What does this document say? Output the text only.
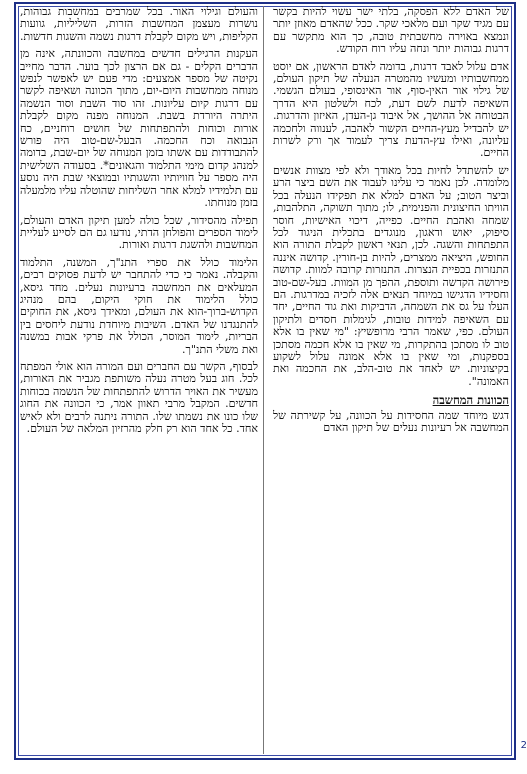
של האדם ללא הפסקה, בלתי ישר עשוי להיות בקשר עם מגיד שקר ועם מלאכי שקר. ככל שהאדם מאוזן יותר ונמצא באוירה מחשבתית טובה, כך הוא מתקשר עם דרגות גבוהות יותר ונחה עליו רוח הקודש.

אדם עלול לאבד דרגות, בדומה לאדם הראשון, אם יוסט ממחשבותיו ומעשיו מהמטרה הנעלה של תיקון העולם, של גילוי אור האין-סוף, אור האינסופי, בעולם הגשמי. השאיפה לדעת לשם דעת, לכח ולשלטון היא הדרך הבטוחה אל ההושך, אל איבוד גן-העדן, האיזון והדרגות. יש להבדיל מעץ-החיים הקשור לאהבה, לענווה ולחכמה עליונה, ואילו עץ-הדעת צריך לעמוד אך ורק לשרות החיים.

יש להשתדל לחיות בכל מאודך ולא לפי מצוות אנשים מלומדה. לכן נאמר כי עלינו לעבוד את השם ביצר הרע וביצר הטוב; על האדם למלא את תפקידו הנעלה בכל הוויתו החיצונית והפנימית, לו; מתוך תשוקה, התלהבות, שמחה ואהבת החיים. כפייה, דיכוי האישיות, חוסר סיפוק, יאוש ודאגון, מנוגדים בתכלית הניגוד לכל התפתחות והשגה. לכן, תנאי ראשון לקבלת התורה הוא החופש, היציאה ממצרים, להיות בן-חורין. קדושה איננה התנזרות בכפיית הנצרות. התנזרות קרובה למוות. קדושה פירושה הקדשה ותוספת, ההפך מן המוות. בעל-שם-טוב וחסידיו הדגישו במיוחד תנאים אלה לזכיה במדרגות. הם העלו על גס את השמחה, הדביקות ואת גוד החיים, יחד עם השאיפה למידות טובות, לגימלות חסדים ולתיקון העולם. כפי, שאמר הרבי מרופשיץ: "מי שאין בו אלא טוב לו מסתכן בהתקרות, מי שאין בו אלא חכמה מסתכן בספקנות, ומי שאין בו אלא אמונה עלול לשקוע בקיצוניות. יש לאחד את טוב-הלב, את החכמה ואת האמונה".

הכוונות המחשבה

דגש מיוחד שמה החסידות על הכוונה, על קשירתה של המחשבה אל רעיונות נעלים של תיקון האדם

והעולם וגילוי האור. בכל שמרבים במחשבות גבוהות, נושרות מעצמן המחשבות הזרות, השליליות, גוועות הקליפות, ויש מקום לקבלת דרגות נשמה והשגות חדשות.

העקנות הרגילים חדשים במחשבה והכוונתה, אינה מן הדברים הקלים - גם אם הרצון לכך בוער. הדבר מחייב נקיטה של מספר אמצעים: מדי פעם יש לאפשר לנפש מנוחה ממחשבות היום-יום, מתוך הכוונה ושאיפה לקשר עם דרגות קיום עליונות. זהו סוד השבת וסוד הנשמה היתרה היורדת בשבת. המנוחה מפנה מקום לקבלת אורות וכוחות ולהתפתחות של חושים רוחניים, כח הנבואה וכח החכמה. הבעל-שם-טוב היה פורש להתבודדות עם אשתו בזמן המנוחה של יום-שבת, בדומה למנהג קדום מימי התלמוד והגאונים*. בסעודה השלישית היה מספר על חוויותיו והשגותיו ובמוצאי שבת היה נוסע עם תלמידיו למלא אחר השליחות שהוטלה עליו מלמעלה בזמן מנוחתו.

תפילה מהסידור, שכל כולה למען תיקון האדם והעולם, לימוד הספרים והפולחן הדתי, נודעו גם הם לסייע לעליית המחשבות ולהשגת דרגות ואורות.

הלימוד כולל את ספרי התנ"ך, המשנה, התלמוד והקבלה. נאמר כי כדי להתחבר יש לדעת פסוקים רבים, המעלאים את המחשבה ברעיונות נעלים. מחד גיסא, כולל הלימוד את חוקי היקום, בהם מנהיג הקדוש-ברוך-הוא את העולם, ומאידך גיסא, את החוקים להתנגדנו של האדם. השיבות מיוחדת נודעת ליחסים בין הבריות, לימוד המוסר, הכולל את פרקי אבות במשנה ואת משלי התנ"ך.

לבסוף, הקשר עם החברים ועם המורה הוא אולי המפתח לכל. חוג בעל מטרה נעלה משותפת מגביר את האורות, מעשיר את האויר הדרוש להתפתחות של הנשמה בכוחות חדשים. המקבל מרבי תאוון אמר, כי הכוונה את החוג שלו כונו את נשמתו שלו. התורה ניתנה לרבים ולא לאיש אחד. כל אחד הוא רק חלק מהרזיון המלאה של העולם.

2
